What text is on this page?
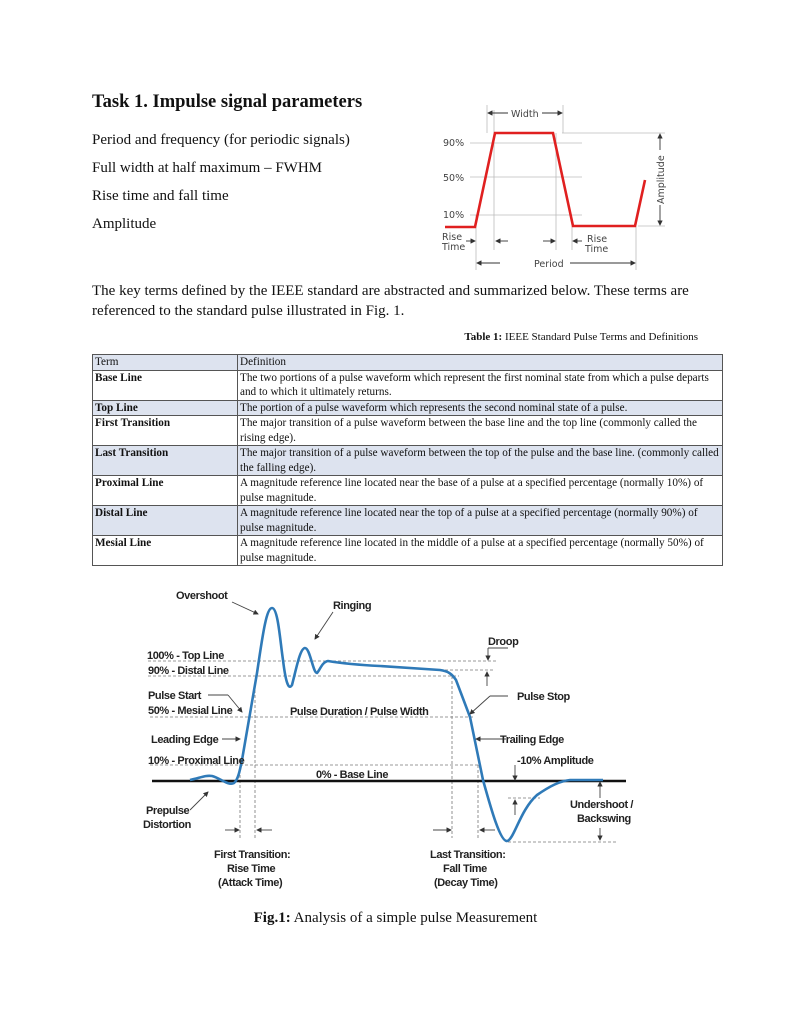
Task 1. Impulse signal parameters
Period and frequency (for periodic signals)
Full width at half maximum – FWHM
Rise time and fall time
Amplitude
The key terms defined by the IEEE standard are abstracted and summarized below. These terms are referenced to the standard pulse illustrated in Fig. 1.
Table 1: IEEE Standard Pulse Terms and Definitions
Term	Definition
Base Line	The two portions of a pulse waveform which represent the first nominal state from which a pulse departs and to which it ultimately returns.
Top Line	The portion of a pulse waveform which represents the second nominal state of a pulse.
First Transition	The major transition of a pulse waveform between the base line and the top line (commonly called the rising edge).
Last Transition	The major transition of a pulse waveform between the top of the pulse and the base line. (commonly called the falling edge).
Proximal Line	A magnitude reference line located near the base of a pulse at a specified percentage (normally 10%) of pulse magnitude.
Distal Line	A magnitude reference line located near the top of a pulse at a specified percentage (normally 90%) of pulse magnitude.
Mesial Line	A magnitude reference line located in the middle of a pulse at a specified percentage (normally 50%) of pulse magnitude.
Width
90%
50%
10%
Rise
Time
Rise
Time
Period
Amplitude
Overshoot
Ringing
Droop
100% - Top Line
90% - Distal Line
Pulse Start
50% - Mesial Line	Pulse Duration / Pulse Width
Pulse Stop
Leading Edge	Trailing Edge
10% - Proximal Line	-10% Amplitude
0% - Base Line
Prepulse
Distortion
Undershoot /
Backswing
First Transition:
Rise Time
(Attack Time)
Last Transition:
Fall Time
(Decay Time)
Fig.1: Analysis of a simple pulse Measurement
